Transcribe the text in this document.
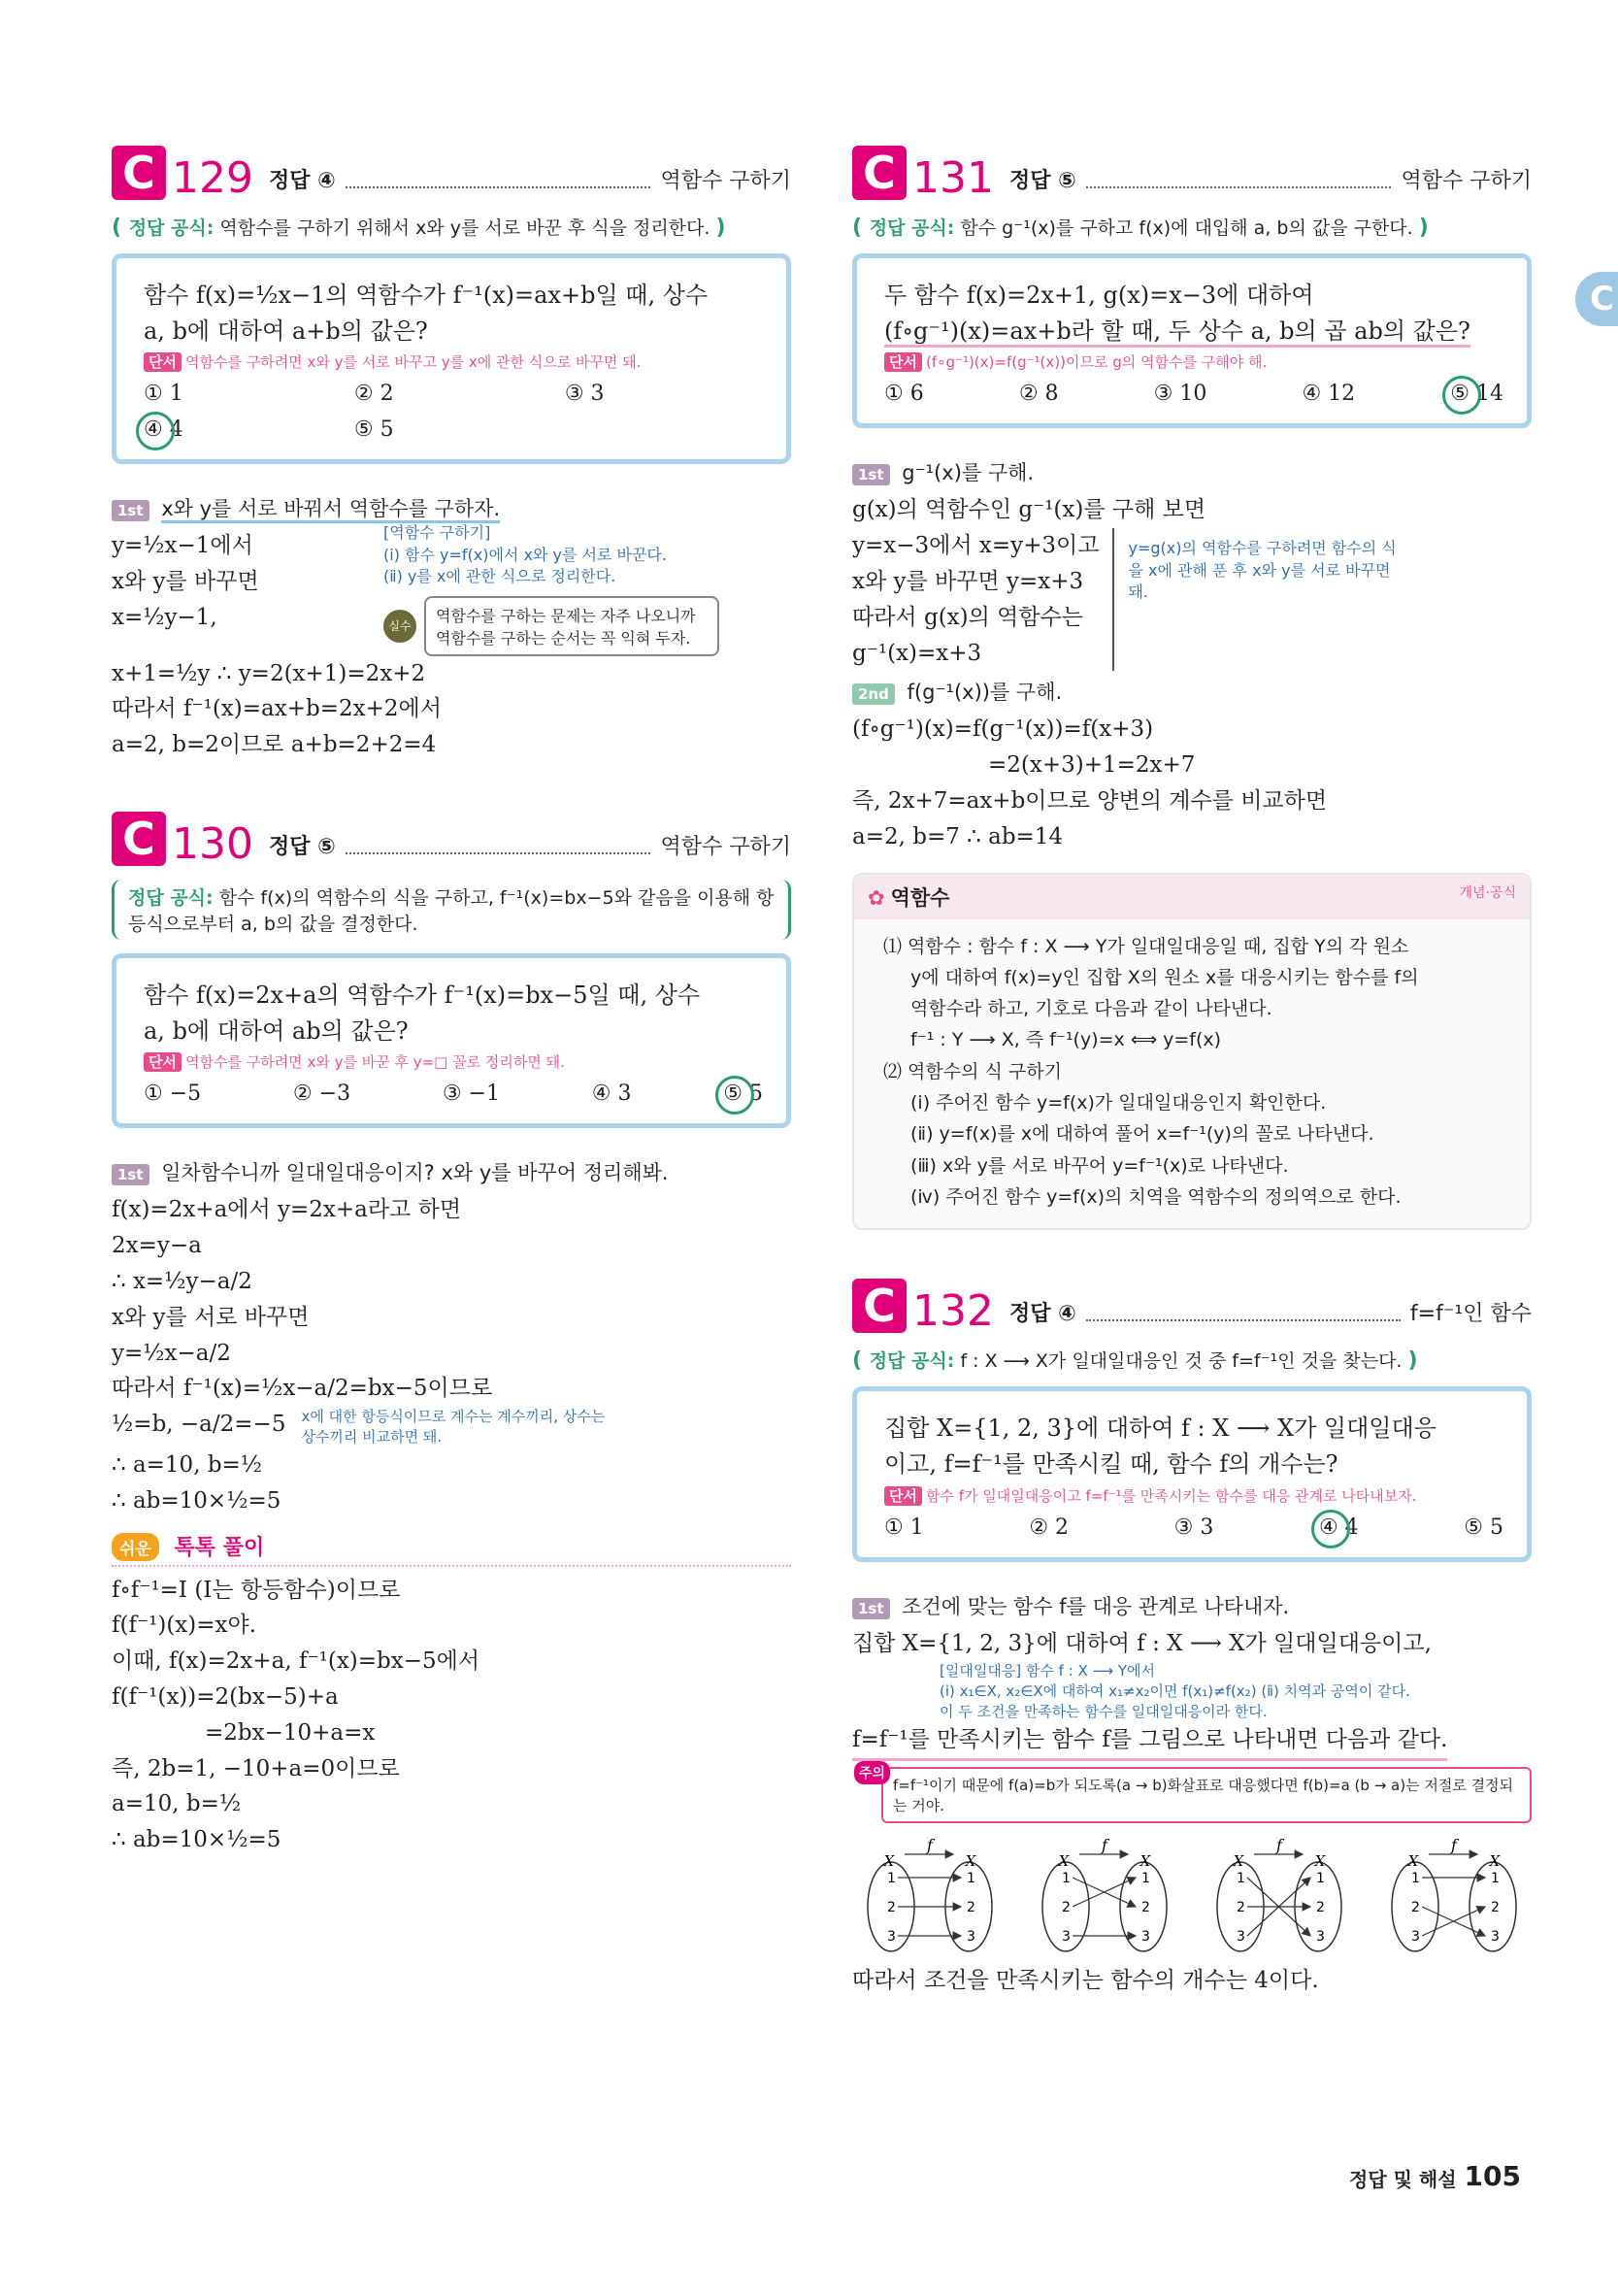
C
C 129 정답 ④	역함수 구하기
( 정답 공식: 역함수를 구하기 위해서 x와 y를 서로 바꾼 후 식을 정리한다. )
함수 f(x)=½x−1의 역함수가 f⁻¹(x)=ax+b일 때, 상수
a, b에 대하여 a+b의 값은?
단서 역함수를 구하려면 x와 y를 서로 바꾸고 y를 x에 관한 식으로 바꾸면 돼.
① 1	② 2	③ 3
④ 4	⑤ 5
1st x와 y를 서로 바꿔서 역함수를 구하자.

y=½x−1에서

x와 y를 바꾸면

x=½y−1,

[역함수 구하기]
(ⅰ) 함수 y=f(x)에서 x와 y를 서로 바꾼다.
(ⅱ) y를 x에 관한 식으로 정리한다.
실수
역함수를 구하는 문제는 자주 나오니까 역함수를 구하는 순서는 꼭 익혀 두자.

x+1=½y ∴ y=2(x+1)=2x+2

따라서 f⁻¹(x)=ax+b=2x+2에서

a=2, b=2이므로 a+b=2+2=4

C 130 정답 ⑤	역함수 구하기
정답 공식: 함수 f(x)의 역함수의 식을 구하고, f⁻¹(x)=bx−5와 같음을 이용해 항등식으로부터 a, b의 값을 결정한다.
함수 f(x)=2x+a의 역함수가 f⁻¹(x)=bx−5일 때, 상수
a, b에 대하여 ab의 값은?
단서 역함수를 구하려면 x와 y를 바꾼 후 y=□ 꼴로 정리하면 돼.
① −5	② −3	③ −1	④ 3	⑤ 5
1st 일차함수니까 일대일대응이지? x와 y를 바꾸어 정리해봐.

f(x)=2x+a에서 y=2x+a라고 하면

2x=y−a

∴ x=½y−a/2

x와 y를 서로 바꾸면

y=½x−a/2

따라서 f⁻¹(x)=½x−a/2=bx−5이므로

½=b, −a/2=−5 x에 대한 항등식이므로 계수는 계수끼리, 상수는 상수끼리 비교하면 돼.

∴ a=10, b=½

∴ ab=10×½=5

쉬운 톡톡 풀이

f∘f⁻¹=I (I는 항등함수)이므로

f(f⁻¹)(x)=x야.

이때, f(x)=2x+a, f⁻¹(x)=bx−5에서

f(f⁻¹(x))=2(bx−5)+a

=2bx−10+a=x

즉, 2b=1, −10+a=0이므로

a=10, b=½

∴ ab=10×½=5

C 131 정답 ⑤	역함수 구하기
( 정답 공식: 함수 g⁻¹(x)를 구하고 f(x)에 대입해 a, b의 값을 구한다. )
두 함수 f(x)=2x+1, g(x)=x−3에 대하여
(f∘g⁻¹)(x)=ax+b라 할 때, 두 상수 a, b의 곱 ab의 값은?
단서 (f∘g⁻¹)(x)=f(g⁻¹(x))이므로 g의 역함수를 구해야 해.
① 6	② 8	③ 10	④ 12	⑤ 14
1st g⁻¹(x)를 구해.

g(x)의 역함수인 g⁻¹(x)를 구해 보면

y=x−3에서 x=y+3이고

x와 y를 바꾸면 y=x+3

따라서 g(x)의 역함수는

g⁻¹(x)=x+3

y=g(x)의 역함수를 구하려면 함수의 식을 x에 관해 푼 후 x와 y를 서로 바꾸면 돼.
2nd f(g⁻¹(x))를 구해.

(f∘g⁻¹)(x)=f(g⁻¹(x))=f(x+3)

=2(x+3)+1=2x+7

즉, 2x+7=ax+b이므로 양변의 계수를 비교하면

a=2, b=7 ∴ ab=14

✿ 역함수	개념·공식
⑴ 역함수 : 함수 f : X ⟶ Y가 일대일대응일 때, 집합 Y의 각 원소
y에 대하여 f(x)=y인 집합 X의 원소 x를 대응시키는 함수를 f의
역함수라 하고, 기호로 다음과 같이 나타낸다.
f⁻¹ : Y ⟶ X, 즉 f⁻¹(y)=x ⟺ y=f(x)
⑵ 역함수의 식 구하기
(ⅰ) 주어진 함수 y=f(x)가 일대일대응인지 확인한다.
(ⅱ) y=f(x)를 x에 대하여 풀어 x=f⁻¹(y)의 꼴로 나타낸다.
(ⅲ) x와 y를 서로 바꾸어 y=f⁻¹(x)로 나타낸다.
(ⅳ) 주어진 함수 y=f(x)의 치역을 역함수의 정의역으로 한다.
C 132 정답 ④	f=f⁻¹인 함수
( 정답 공식: f : X ⟶ X가 일대일대응인 것 중 f=f⁻¹인 것을 찾는다. )
집합 X={1, 2, 3}에 대하여 f : X ⟶ X가 일대일대응
이고, f=f⁻¹를 만족시킬 때, 함수 f의 개수는?
단서 함수 f가 일대일대응이고 f=f⁻¹를 만족시키는 함수를 대응 관계로 나타내보자.
① 1	② 2	③ 3	④ 4	⑤ 5
1st 조건에 맞는 함수 f를 대응 관계로 나타내자.

집합 X={1, 2, 3}에 대하여 f : X ⟶ X가 일대일대응이고,

[일대일대응] 함수 f : X ⟶ Y에서
(ⅰ) x₁∈X, x₂∈X에 대하여 x₁≠x₂이면 f(x₁)≠f(x₂) (ⅱ) 치역과 공역이 같다.
이 두 조건을 만족하는 함수를 일대일대응이라 한다.

f=f⁻¹를 만족시키는 함수 f를 그림으로 나타내면 다음과 같다.

주의
f=f⁻¹이기 때문에 f(a)=b가 되도록(a → b)화살표로 대응했다면 f(b)=a (b → a)는 저절로 결정되는 거야.
f
X	X
1	1
2	2
3	3
f
X	X
1	1
2	2
3	3
f
X	X
1	1
2	2
3	3
f
X	X
1	1
2	2
3	3

따라서 조건을 만족시키는 함수의 개수는 4이다.

정답 및 해설 105
